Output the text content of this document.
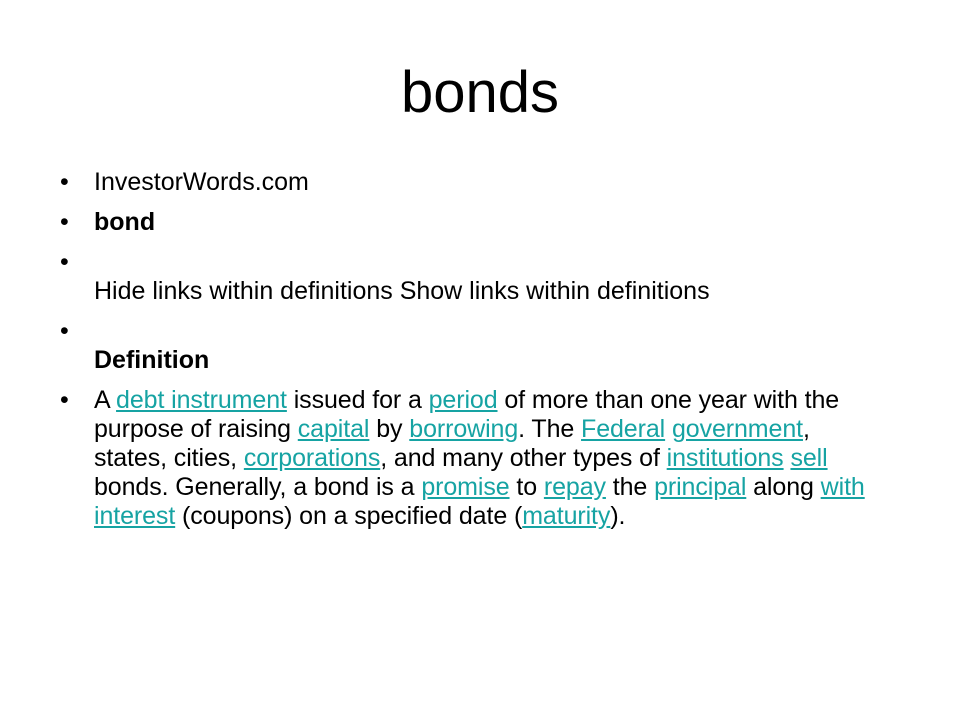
bonds
• InvestorWords.com
• bond
•
Hide links within definitions Show links within definitions
•
Definition
• A debt instrument issued for a period of more than one year with the purpose of raising capital by borrowing. The Federal government, states, cities, corporations, and many other types of institutions sell bonds. Generally, a bond is a promise to repay the principal along with interest (coupons) on a specified date (maturity).
